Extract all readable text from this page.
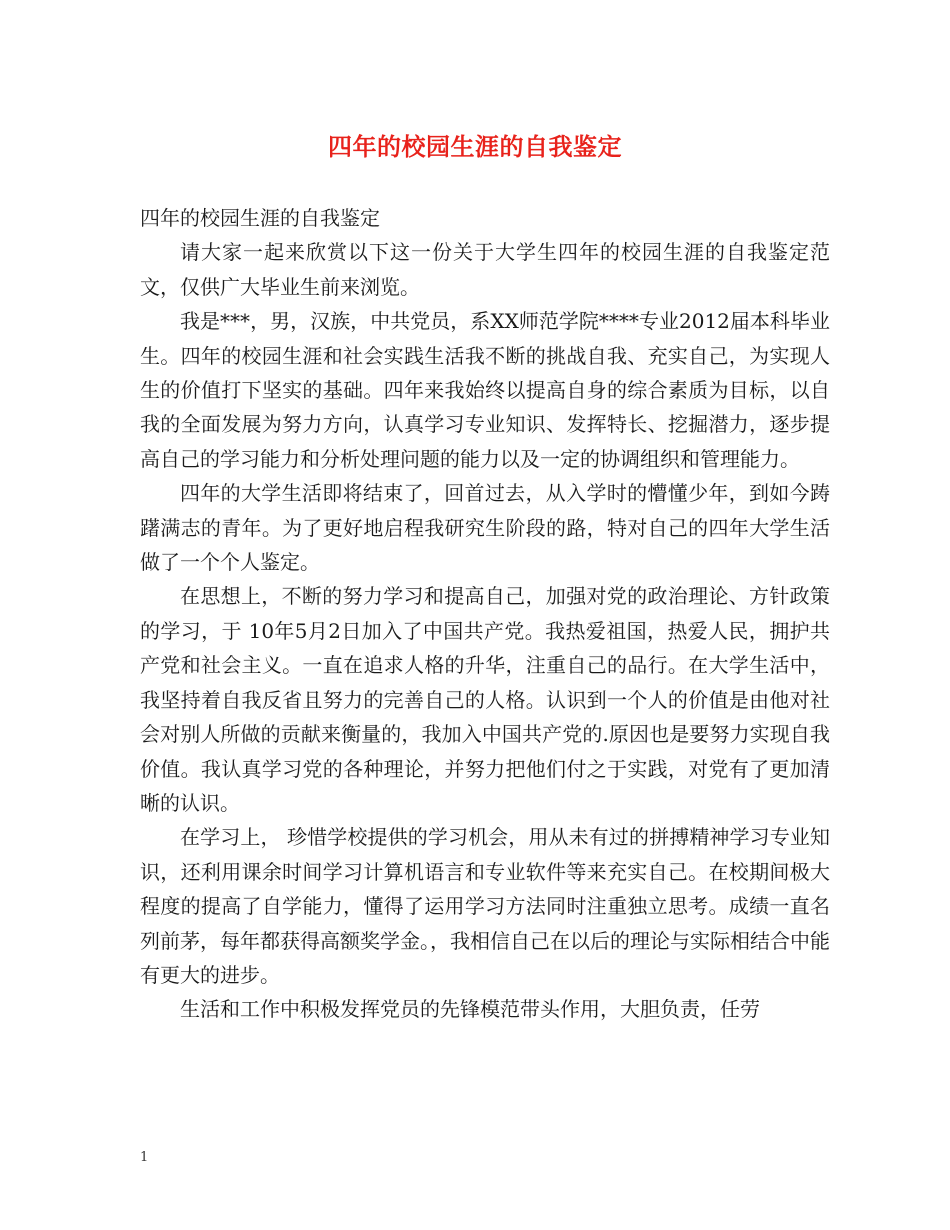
四年的校园生涯的自我鉴定

四年的校园生涯的自我鉴定

请大家一起来欣赏以下这一份关于大学生四年的校园生涯的自我鉴定范文，仅供广大毕业生前来浏览。

我是***，男，汉族，中共党员，系XX师范学院****专业2012届本科毕业生。四年的校园生涯和社会实践生活我不断的挑战自我、充实自己，为实现人生的价值打下坚实的基础。四年来我始终以提高自身的综合素质为目标，以自我的全面发展为努力方向，认真学习专业知识、发挥特长、挖掘潜力，逐步提高自己的学习能力和分析处理问题的能力以及一定的协调组织和管理能力。

四年的大学生活即将结束了，回首过去，从入学时的懵懂少年，到如今踌躇满志的青年。为了更好地启程我研究生阶段的路，特对自己的四年大学生活做了一个个人鉴定。

在思想上，不断的努力学习和提高自己，加强对党的政治理论、方针政策的学习，于 10年5月2日加入了中国共产党。我热爱祖国，热爱人民，拥护共产党和社会主义。一直在追求人格的升华，注重自己的品行。在大学生活中，我坚持着自我反省且努力的完善自己的人格。认识到一个人的价值是由他对社会对别人所做的贡献来衡量的，我加入中国共产党的.原因也是要努力实现自我价值。我认真学习党的各种理论，并努力把他们付之于实践，对党有了更加清晰的认识。

在学习上， 珍惜学校提供的学习机会，用从未有过的拼搏精神学习专业知识，还利用课余时间学习计算机语言和专业软件等来充实自己。在校期间极大程度的提高了自学能力，懂得了运用学习方法同时注重独立思考。成绩一直名列前茅，每年都获得高额奖学金。，我相信自己在以后的理论与实际相结合中能有更大的进步。

生活和工作中积极发挥党员的先锋模范带头作用，大胆负责，任劳

1
